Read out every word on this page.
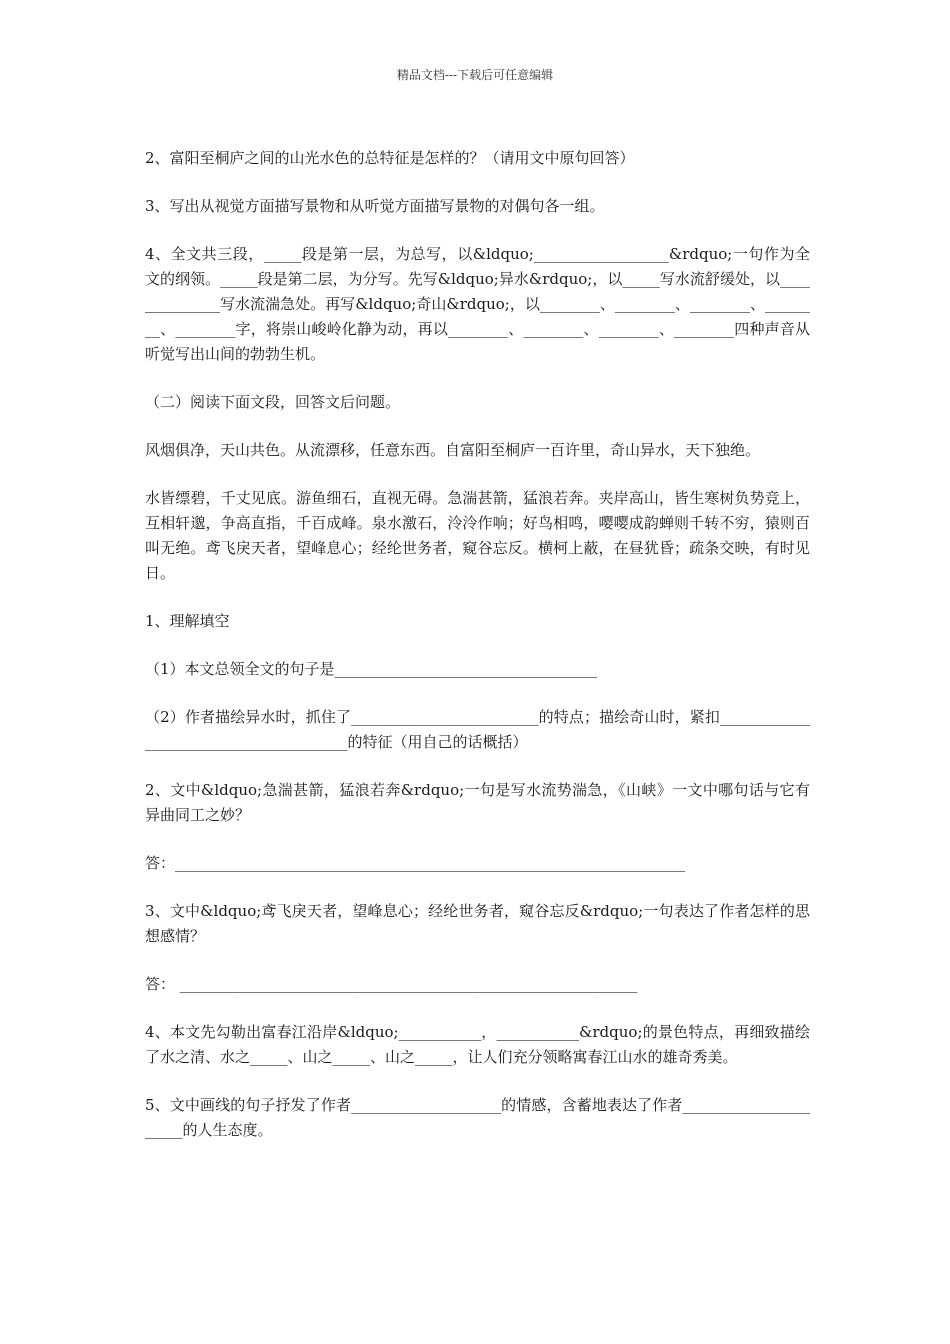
精品文档---下载后可任意编辑

2、富阳至桐庐之间的山光水色的总特征是怎样的？（请用文中原句回答）

3、写出从视觉方面描写景物和从听觉方面描写景物的对偶句各一组。

4、全文共三段，_____段是第一层，为总写，以&ldquo;__________________&rdquo;一句作为全文的纲领。_____段是第二层，为分写。先写&ldquo;异水&rdquo;，以_____写水流舒缓处，以______________写水流湍急处。再写&ldquo;奇山&rdquo;，以________、________、________、________、________字，将崇山峻岭化静为动，再以________、________、________、________四种声音从听觉写出山间的勃勃生机。

（二）阅读下面文段，回答文后问题。

风烟俱净，天山共色。从流漂移，任意东西。自富阳至桐庐一百许里，奇山异水，天下独绝。

水皆缥碧，千丈见底。游鱼细石，直视无碍。急湍甚箭，猛浪若奔。夹岸高山，皆生寒树负势竞上，互相轩邈，争高直指，千百成峰。泉水激石，泠泠作响；好鸟相鸣，嘤嘤成韵蝉则千转不穷，猿则百叫无绝。鸢飞戾天者，望峰息心；经纶世务者，窥谷忘反。横柯上蔽，在昼犹昏；疏条交映，有时见日。

1、理解填空

（1）本文总领全文的句子是___________________________________

（2）作者描绘异水时，抓住了_________________________的特点；描绘奇山时，紧扣_______________________________________的特征（用自己的话概括）

2、文中&ldquo;急湍甚箭，猛浪若奔&rdquo;一句是写水流势湍急，《山峡》一文中哪句话与它有异曲同工之妙？

答：____________________________________________________________________

3、文中&ldquo;鸢飞戾天者，望峰息心；经纶世务者，窥谷忘反&rdquo;一句表达了作者怎样的思想感情？

答： _____________________________________________________________

4、本文先勾勒出富春江沿岸&ldquo;___________，___________&rdquo;的景色特点，再细致描绘了水之清、水之_____、山之_____、山之_____，让人们充分领略寓春江山水的雄奇秀美。

5、文中画线的句子抒发了作者____________________的情感，含蓄地表达了作者______________________的人生态度。
